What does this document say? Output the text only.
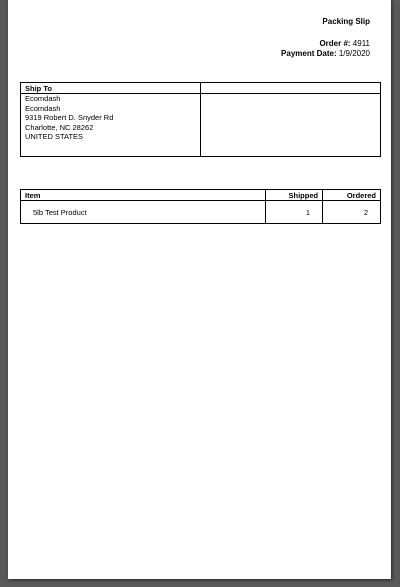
Packing Slip
Order #: 4911
Payment Date: 1/9/2020
Ship To	

Ecomdash
Ecomdash
9319 Robert D. Snyder Rd
Charlotte, NC 28262
UNITED STATES	

Item	Shipped	Ordered
5lb Test Product	1	2
